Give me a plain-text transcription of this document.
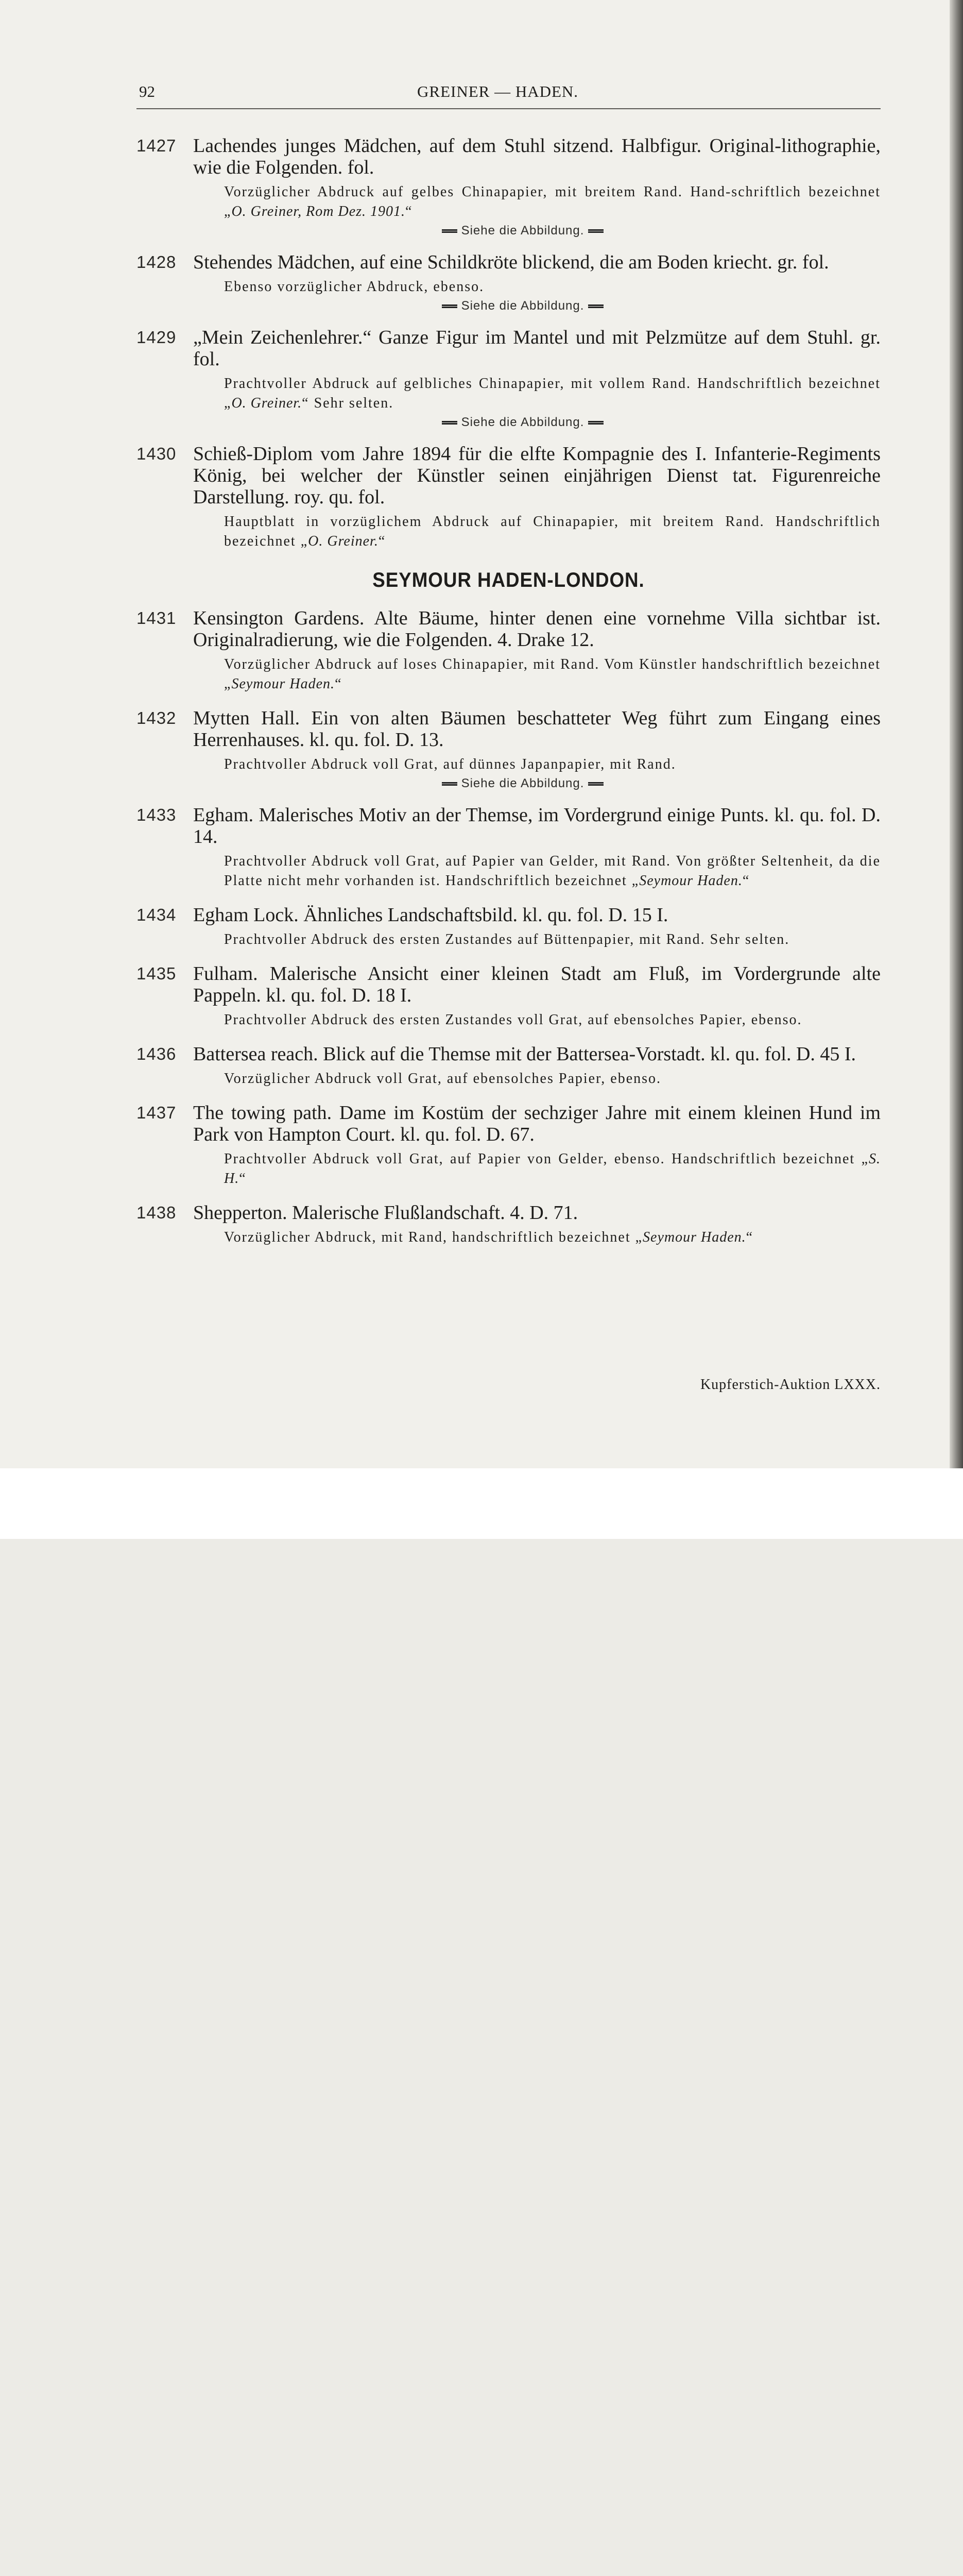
92	GREINER — HADEN.
1427 Lachendes junges Mädchen, auf dem Stuhl sitzend. Halbfigur. Original-lithographie, wie die Folgenden. fol.
Vorzüglicher Abdruck auf gelbes Chinapapier, mit breitem Rand. Hand-schriftlich bezeichnet „O. Greiner, Rom Dez. 1901.“
Siehe die Abbildung.
1428 Stehendes Mädchen, auf eine Schildkröte blickend, die am Boden kriecht. gr. fol.
Ebenso vorzüglicher Abdruck, ebenso.
Siehe die Abbildung.
1429 „Mein Zeichenlehrer.“ Ganze Figur im Mantel und mit Pelzmütze auf dem Stuhl. gr. fol.
Prachtvoller Abdruck auf gelbliches Chinapapier, mit vollem Rand. Handschriftlich bezeichnet „O. Greiner.“ Sehr selten.
Siehe die Abbildung.
1430 Schieß-Diplom vom Jahre 1894 für die elfte Kompagnie des I. Infanterie-Regiments König, bei welcher der Künstler seinen einjährigen Dienst tat. Figurenreiche Darstellung. roy. qu. fol.
Hauptblatt in vorzüglichem Abdruck auf Chinapapier, mit breitem Rand. Handschriftlich bezeichnet „O. Greiner.“
SEYMOUR HADEN-LONDON.
1431 Kensington Gardens. Alte Bäume, hinter denen eine vornehme Villa sichtbar ist. Originalradierung, wie die Folgenden. 4. Drake 12.
Vorzüglicher Abdruck auf loses Chinapapier, mit Rand. Vom Künstler handschriftlich bezeichnet „Seymour Haden.“
1432 Mytten Hall. Ein von alten Bäumen beschatteter Weg führt zum Eingang eines Herrenhauses. kl. qu. fol. D. 13.
Prachtvoller Abdruck voll Grat, auf dünnes Japanpapier, mit Rand.
Siehe die Abbildung.
1433 Egham. Malerisches Motiv an der Themse, im Vordergrund einige Punts. kl. qu. fol. D. 14.
Prachtvoller Abdruck voll Grat, auf Papier van Gelder, mit Rand. Von größter Seltenheit, da die Platte nicht mehr vorhanden ist. Handschriftlich bezeichnet „Seymour Haden.“
1434 Egham Lock. Ähnliches Landschaftsbild. kl. qu. fol. D. 15 I.
Prachtvoller Abdruck des ersten Zustandes auf Büttenpapier, mit Rand. Sehr selten.
1435 Fulham. Malerische Ansicht einer kleinen Stadt am Fluß, im Vordergrunde alte Pappeln. kl. qu. fol. D. 18 I.
Prachtvoller Abdruck des ersten Zustandes voll Grat, auf ebensolches Papier, ebenso.
1436 Battersea reach. Blick auf die Themse mit der Battersea-Vorstadt. kl. qu. fol. D. 45 I.
Vorzüglicher Abdruck voll Grat, auf ebensolches Papier, ebenso.
1437 The towing path. Dame im Kostüm der sechziger Jahre mit einem kleinen Hund im Park von Hampton Court. kl. qu. fol. D. 67.
Prachtvoller Abdruck voll Grat, auf Papier von Gelder, ebenso. Handschriftlich bezeichnet „S. H.“
1438 Shepperton. Malerische Flußlandschaft. 4. D. 71.
Vorzüglicher Abdruck, mit Rand, handschriftlich bezeichnet „Seymour Haden.“
Kupferstich-Auktion LXXX.
